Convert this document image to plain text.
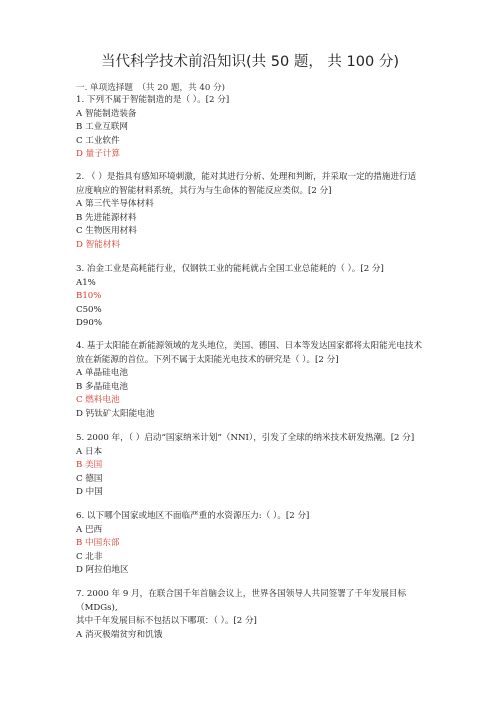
当代科学技术前沿知识(共 50 题， 共 100 分)
一. 单项选择题　（共 20 题，共 40 分)
1. 下列不属于智能制造的是（ ）。[2 分]
A 智能制造装备
B 工业互联网
C 工业软件
D 量子计算
2. （ ）是指具有感知环境刺激，能对其进行分析、处理和判断，并采取一定的措施进行适
应度响应的智能材料系统，其行为与生命体的智能反应类似。[2 分]
A 第三代半导体材料
B 先进能源材料
C 生物医用材料
D 智能材料
3. 冶金工业是高耗能行业，仅钢铁工业的能耗就占全国工业总能耗的（ ）。[2 分]
A1%
B10%
C50%
D90%
4. 基于太阳能在新能源领域的龙头地位，美国、德国、日本等发达国家都将太阳能光电技术
放在新能源的首位。下列不属于太阳能光电技术的研究是（ ）。[2 分]
A 单晶硅电池
B 多晶硅电池
C 燃料电池
D 钙钛矿太阳能电池
5. 2000 年，（ ）启动“国家纳米计划”（NNI），引发了全球的纳米技术研发热潮。[2 分]
A 日本
B 美国
C 德国
D 中国
6. 以下哪个国家或地区不面临严重的水资源压力:（ ）。[2 分]
A 巴西
B 中国东部
C 北非
D 阿拉伯地区
7. 2000 年 9 月，在联合国千年首脑会议上，世界各国领导人共同签署了千年发展目标（MDGs),
其中千年发展目标不包括以下哪项：（ ）。[2 分]
A 消灭极端贫穷和饥饿
